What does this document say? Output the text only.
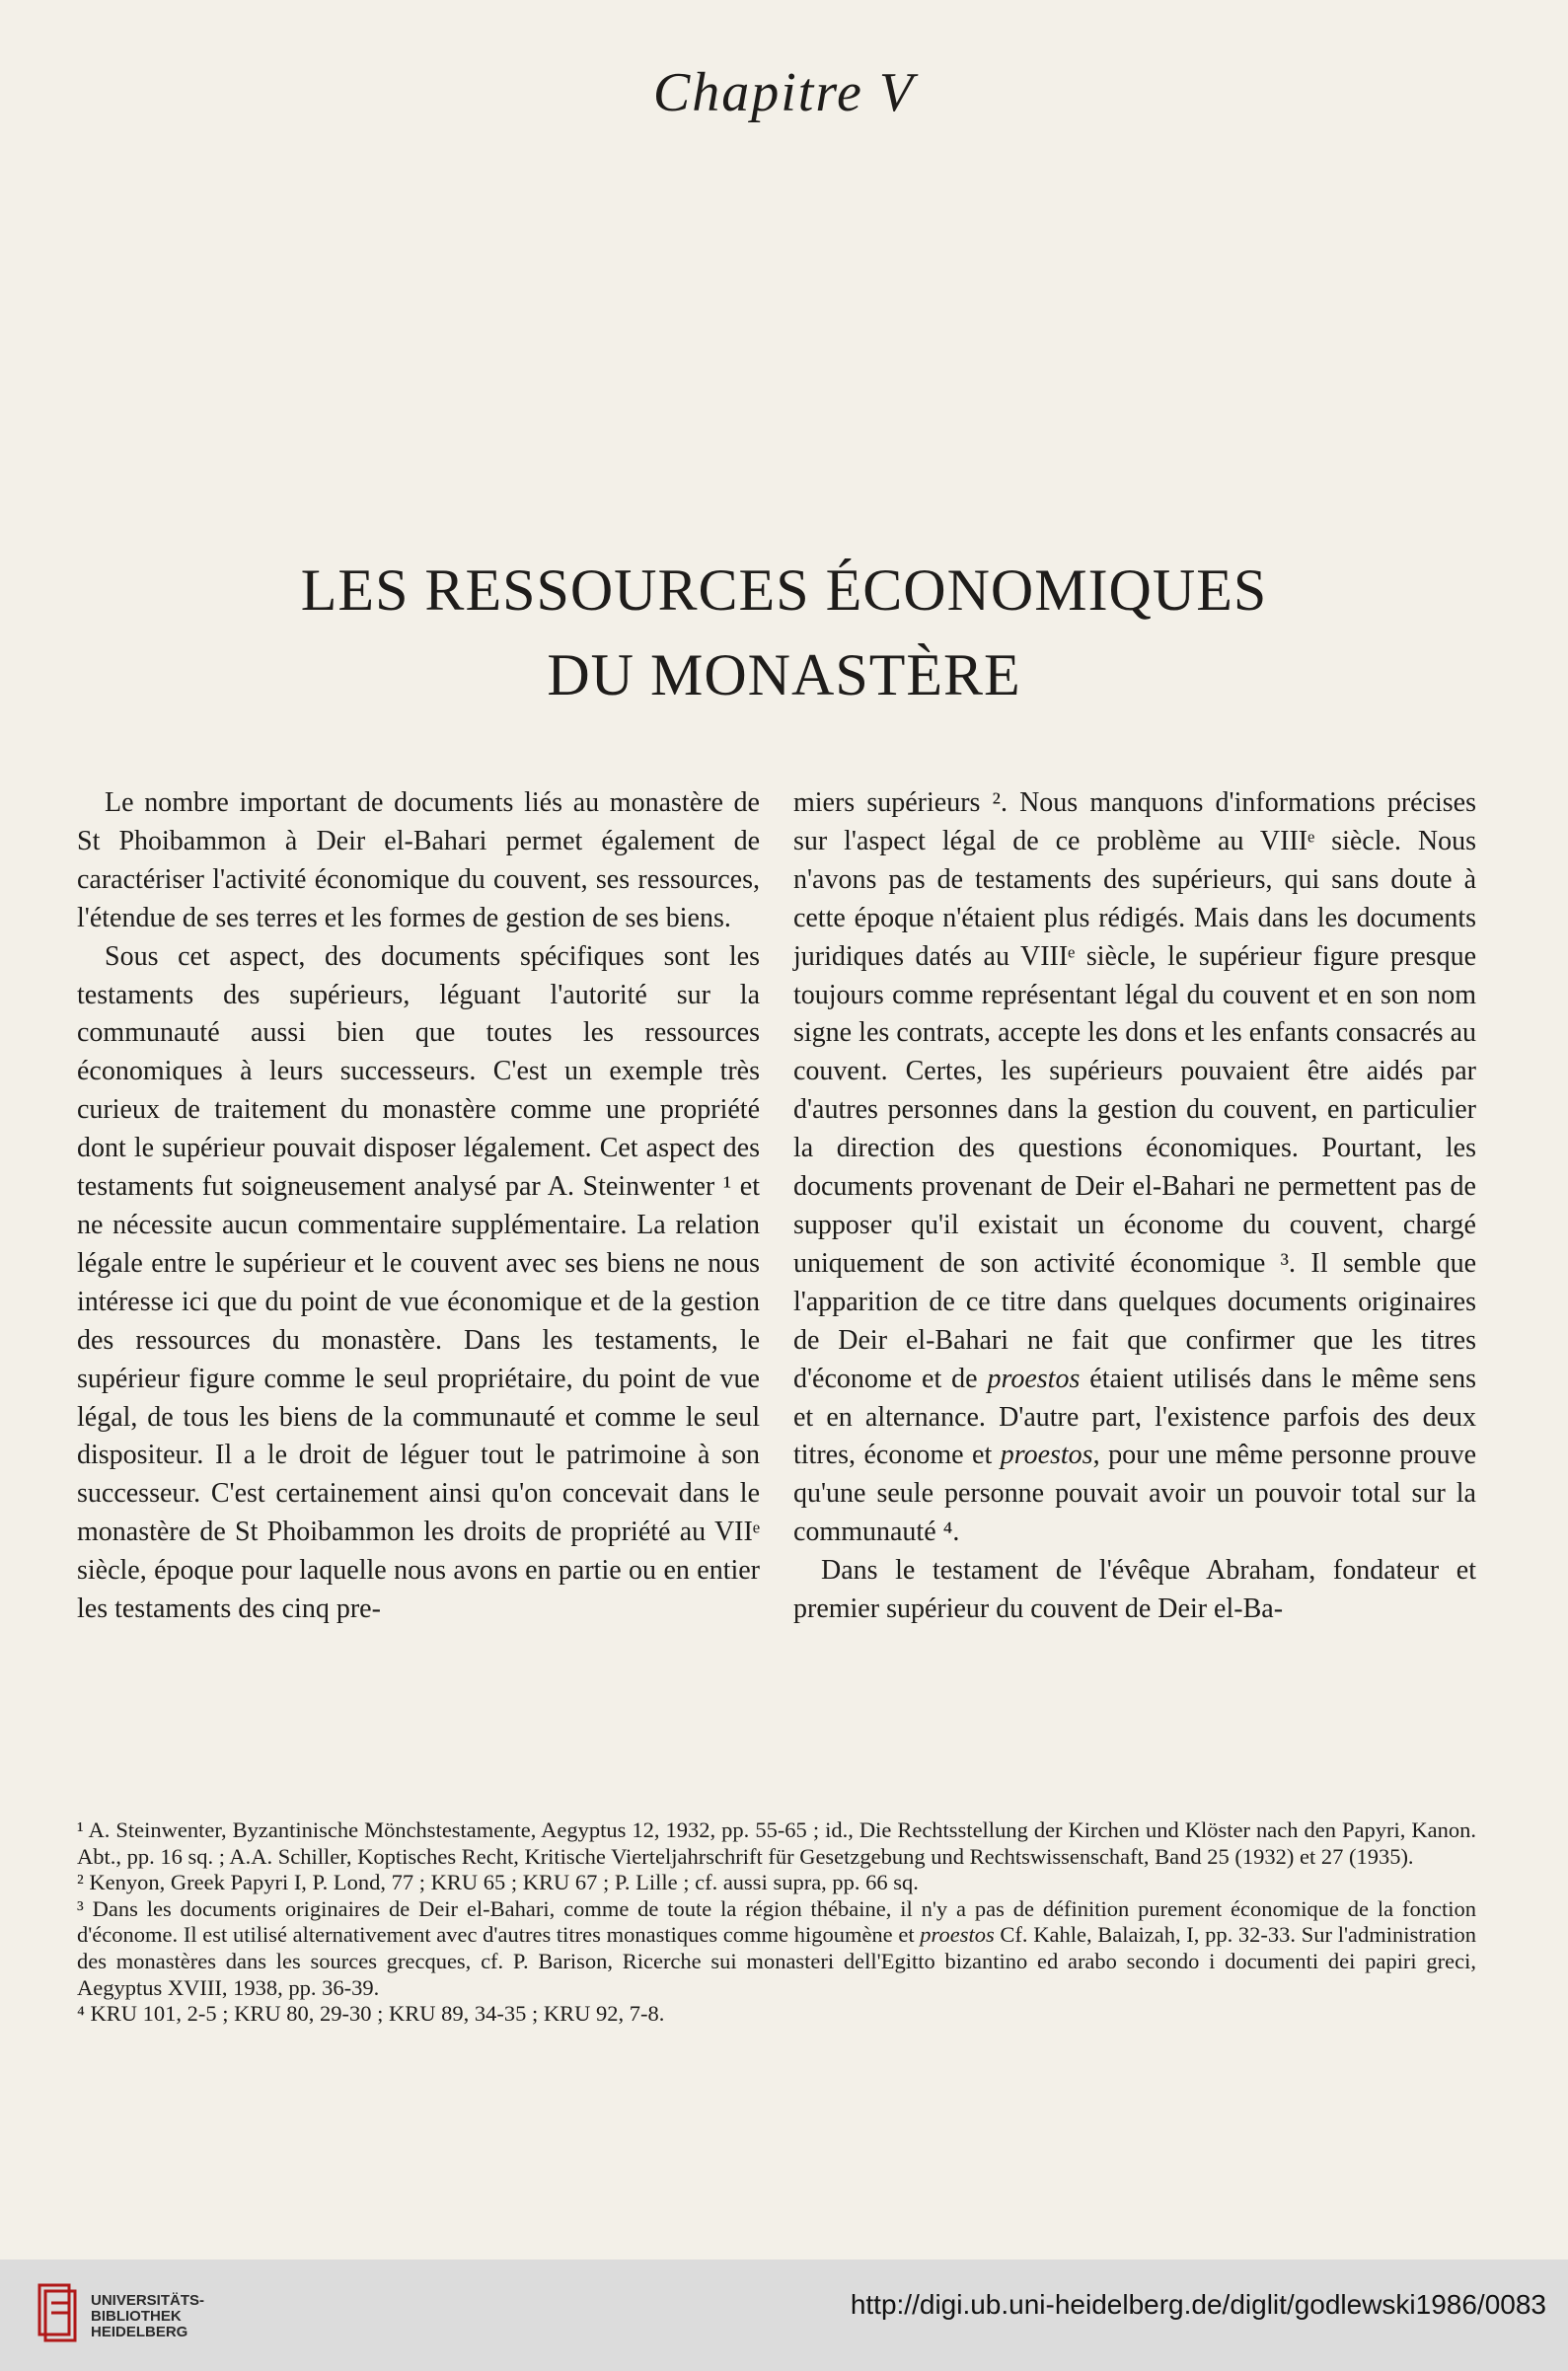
Chapitre V
LES RESSOURCES ÉCONOMIQUES
DU MONASTÈRE

Le nombre important de documents liés au monastère de St Phoibammon à Deir el-Bahari permet également de caractériser l'activité économique du couvent, ses ressources, l'étendue de ses terres et les formes de gestion de ses biens.

Sous cet aspect, des documents spécifiques sont les testaments des supérieurs, léguant l'autorité sur la communauté aussi bien que toutes les ressources économiques à leurs successeurs. C'est un exemple très curieux de traitement du monastère comme une propriété dont le supérieur pouvait disposer légalement. Cet aspect des testaments fut soigneusement analysé par A. Steinwenter ¹ et ne nécessite aucun commentaire supplémentaire. La relation légale entre le supérieur et le couvent avec ses biens ne nous intéresse ici que du point de vue économique et de la gestion des ressources du monastère. Dans les testaments, le supérieur figure comme le seul propriétaire, du point de vue légal, de tous les biens de la communauté et comme le seul dispositeur. Il a le droit de léguer tout le patrimoine à son successeur. C'est certainement ainsi qu'on concevait dans le monastère de St Phoibammon les droits de propriété au VIIᵉ siècle, époque pour laquelle nous avons en partie ou en entier les testaments des cinq pre-

miers supérieurs ². Nous manquons d'informations précises sur l'aspect légal de ce problème au VIIIᵉ siècle. Nous n'avons pas de testaments des supérieurs, qui sans doute à cette époque n'étaient plus rédigés. Mais dans les documents juridiques datés au VIIIᵉ siècle, le supérieur figure presque toujours comme représentant légal du couvent et en son nom signe les contrats, accepte les dons et les enfants consacrés au couvent. Certes, les supérieurs pouvaient être aidés par d'autres personnes dans la gestion du couvent, en particulier la direction des questions économiques. Pourtant, les documents provenant de Deir el-Bahari ne permettent pas de supposer qu'il existait un économe du couvent, chargé uniquement de son activité économique ³. Il semble que l'apparition de ce titre dans quelques documents originaires de Deir el-Bahari ne fait que confirmer que les titres d'économe et de proestos étaient utilisés dans le même sens et en alternance. D'autre part, l'existence parfois des deux titres, économe et proestos, pour une même personne prouve qu'une seule personne pouvait avoir un pouvoir total sur la communauté ⁴.

Dans le testament de l'évêque Abraham, fondateur et premier supérieur du couvent de Deir el-Ba-

¹ A. Steinwenter, Byzantinische Mönchstestamente, Aegyptus 12, 1932, pp. 55-65 ; id., Die Rechtsstellung der Kirchen und Klöster nach den Papyri, Kanon. Abt., pp. 16 sq. ; A.A. Schiller, Koptisches Recht, Kritische Vierteljahrschrift für Gesetzgebung und Rechtswissenschaft, Band 25 (1932) et 27 (1935).

² Kenyon, Greek Papyri I, P. Lond, 77 ; KRU 65 ; KRU 67 ; P. Lille ; cf. aussi supra, pp. 66 sq.

³ Dans les documents originaires de Deir el-Bahari, comme de toute la région thébaine, il n'y a pas de définition purement économique de la fonction d'économe. Il est utilisé alternativement avec d'autres titres monastiques comme higoumène et proestos Cf. Kahle, Balaizah, I, pp. 32-33. Sur l'administration des monastères dans les sources grecques, cf. P. Barison, Ricerche sui monasteri dell'Egitto bizantino ed arabo secondo i documenti dei papiri greci, Aegyptus XVIII, 1938, pp. 36-39.

⁴ KRU 101, 2-5 ; KRU 80, 29-30 ; KRU 89, 34-35 ; KRU 92, 7-8.

UNIVERSITÄTS-
BIBLIOTHEK
HEIDELBERG
http://digi.ub.uni-heidelberg.de/diglit/godlewski1986/0083
